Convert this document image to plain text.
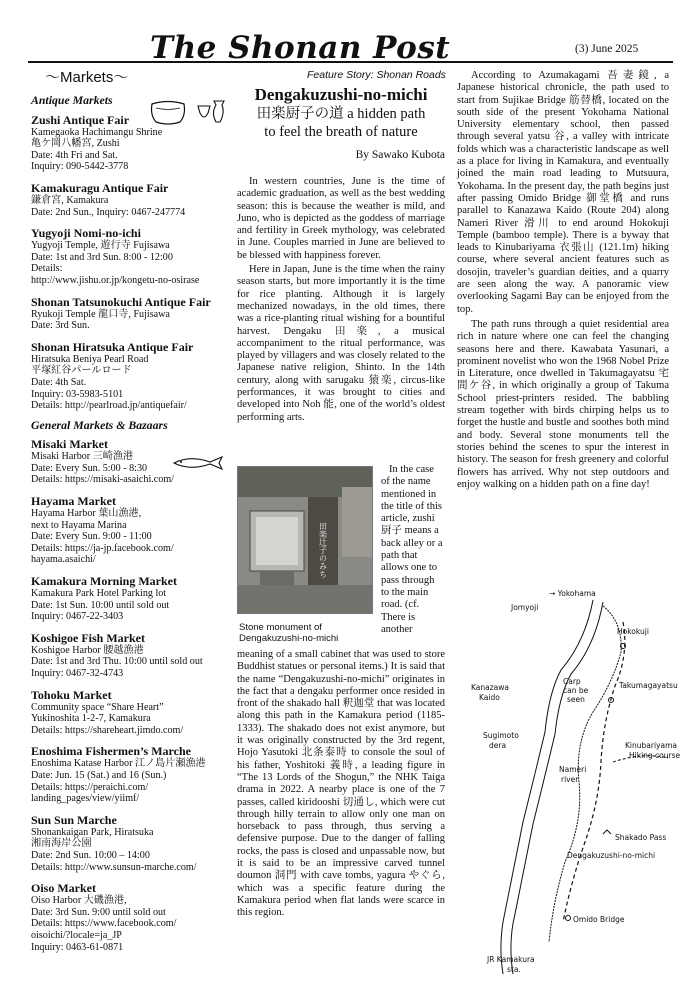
The Shonan Post	(3) June 2025
～Markets～	Feature Story: Shonan Roads
Antique Markets
Zushi Antique Fair
Kamegaoka Hachimangu Shrine
亀ケ岡八幡宮, Zushi
Date: 4th Fri and Sat.
Inquiry: 090-5442-3778
Kamakuragu Antique Fair
鎌倉宮, Kamakura
Date: 2nd Sun., Inquiry: 0467-247774
Yugyoji Nomi-no-ichi
Yugyoji Temple, 遊行寺 Fujisawa
Date: 1st and 3rd Sun. 8:00 - 12:00
Details:
http://www.jishu.or.jp/kongetu-no-osirase
Shonan Tatsunokuchi Antique Fair
Ryukoji Temple 龍口寺, Fujisawa
Date: 3rd Sun.
Shonan Hiratsuka Antique Fair
Hiratsuka Beniya Pearl Road
平塚紅谷パールロード
Date: 4th Sat.
Inquiry: 03-5983-5101
Details: http://pearlroad.jp/antiquefair/
General Markets & Bazaars
Misaki Market
Misaki Harbor 三崎漁港
Date: Every Sun. 5:00 - 8:30
Details: https://misaki-asaichi.com/
Hayama Market
Hayama Harbor 葉山漁港,
next to Hayama Marina
Date: Every Sun. 9:00 - 11:00
Details: https://ja-jp.facebook.com/
hayama.asaichi/
Kamakura Morning Market
Kamakura Park Hotel Parking lot
Date: 1st Sun. 10:00 until sold out
Inquiry: 0467-22-3403
Koshigoe Fish Market
Koshigoe Harbor 腰越漁港
Date: 1st and 3rd Thu. 10:00 until sold out
Inquiry: 0467-32-4743
Tohoku Market
Community space “Share Heart”
Yukinoshita 1-2-7, Kamakura
Details: https://shareheart.jimdo.com/
Enoshima Fishermen’s Marche
Enoshima Katase Harbor 江ノ島片瀬漁港
Date: Jun. 15 (Sat.) and 16 (Sun.)
Details: https://peraichi.com/
landing_pages/view/yiimf/
Sun Sun Marche
Shonankaigan Park, Hiratsuka
湘南海岸公園
Date: 2nd Sun. 10:00 – 14:00
Details: http://www.sunsun-marche.com/
Oiso Market
Oiso Harbor 大磯漁港,
Date: 3rd Sun. 9:00 until sold out
Details: https://www.facebook.com/
oisoichi/?locale=ja_JP
Inquiry: 0463-61-0871
Dengakuzushi-no-michi
田楽厨子の道 a hidden path
to feel the breath of nature
By Sawako Kubota

In western countries, June is the time of academic graduation, as well as the best wedding season: this is because the weather is mild, and Juno, who is depicted as the goddess of marriage and fertility in Greek mythology, was celebrated in June. Couples married in June are believed to be blessed with happiness forever.

Here in Japan, June is the time when the rainy season starts, but more importantly it is the time for rice planting. Although it is largely mechanized nowadays, in the old times, there was a rice-planting ritual wishing for a bountiful harvest. Dengaku 田楽, a musical accompaniment to the ritual performance, was played by villagers and was closely related to the Japanese native religion, Shinto. In the 14th century, along with sarugaku 猿楽, circus-like performances, it was brought to cities and developed into Noh 能, one of the world’s oldest performing arts.

田楽辻子のみち
Stone monument of
Dengakuzushi-no-michi

In the case of the name mentioned in the title of this article, zushi 厨子 means a back alley or a path that allows one to pass through to the main road. (cf. There is another

meaning of a small cabinet that was used to store Buddhist statues or personal items.) It is said that the name “Dengakuzushi-no-michi” originates in the fact that a dengaku performer once resided in front of the shakado hall 釈迦堂 that was located along this path in the Kamakura period (1185-1333). The shakado does not exist anymore, but it was originally constructed by the 3rd regent, Hojo Yasutoki 北条泰時 to console the soul of his father, Yoshitoki 義時, a leading figure in “The 13 Lords of the Shogun,” the NHK Taiga drama in 2022. A nearby place is one of the 7 passes, called kiridooshi 切通し, which were cut through hilly terrain to allow only one man on horseback to pass through, thus serving a defensive purpose. Due to the danger of falling rocks, the pass is closed and unpassable now, but it is said to be an impressive carved tunnel doumon 洞門 with cave tombs, yagura やぐら, which was a specific feature during the Kamakura period when flat lands were scarce in this region.

According to Azumakagami 吾妻鏡, a Japanese historical chronicle, the path used to start from Sujikae Bridge 筋替橋, located on the south side of the present Yokohama National University elementary school, then passed through several yatsu 谷, a valley with intricate folds which was a characteristic landscape as well as a place for living in Kamakura, and eventually joined the main road leading to Mutsuura, Yokohama. In the present day, the path begins just after passing Omido Bridge 御堂橋 and runs parallel to Kanazawa Kaido (Route 204) along Nameri River 滑川 to end around Hokokuji Temple (bamboo temple). There is a byway that leads to Kinubariyama 衣張山 (121.1m) hiking course, where several ancient features such as dosojin, traveler’s guardian deities, and a quarry are seen along the way. A panoramic view overlooking Sagami Bay can be enjoyed from the top.

The path runs through a quiet residential area rich in nature where one can feel the changing seasons here and there. Kawabata Yasunari, a prominent novelist who won the 1968 Nobel Prize in Literature, once dwelled in Takumagayatsu 宅間ケ谷, in which originally a group of Takuma School priest-printers resided. The babbling stream together with birds chirping helps us to forget the hustle and bustle and soothes both mind and body. Several stone monuments tell the stories behind the scenes to spur the interest in history. The season for fresh greenery and colorful flowers has arrived. Why not step outdoors and enjoy walking on a hidden path on a fine day!

Jomyoji
→ Yokohama
Hokokuji
Takumagayatsu
Kanazawa
Kaido
Carp
can be
seen
Sugimoto
dera
Nameri
river
Kinubariyama
Hiking course
Shakado Pass
Dengakuzushi-no-michi
Omido Bridge
JR Kamakura
sta.
